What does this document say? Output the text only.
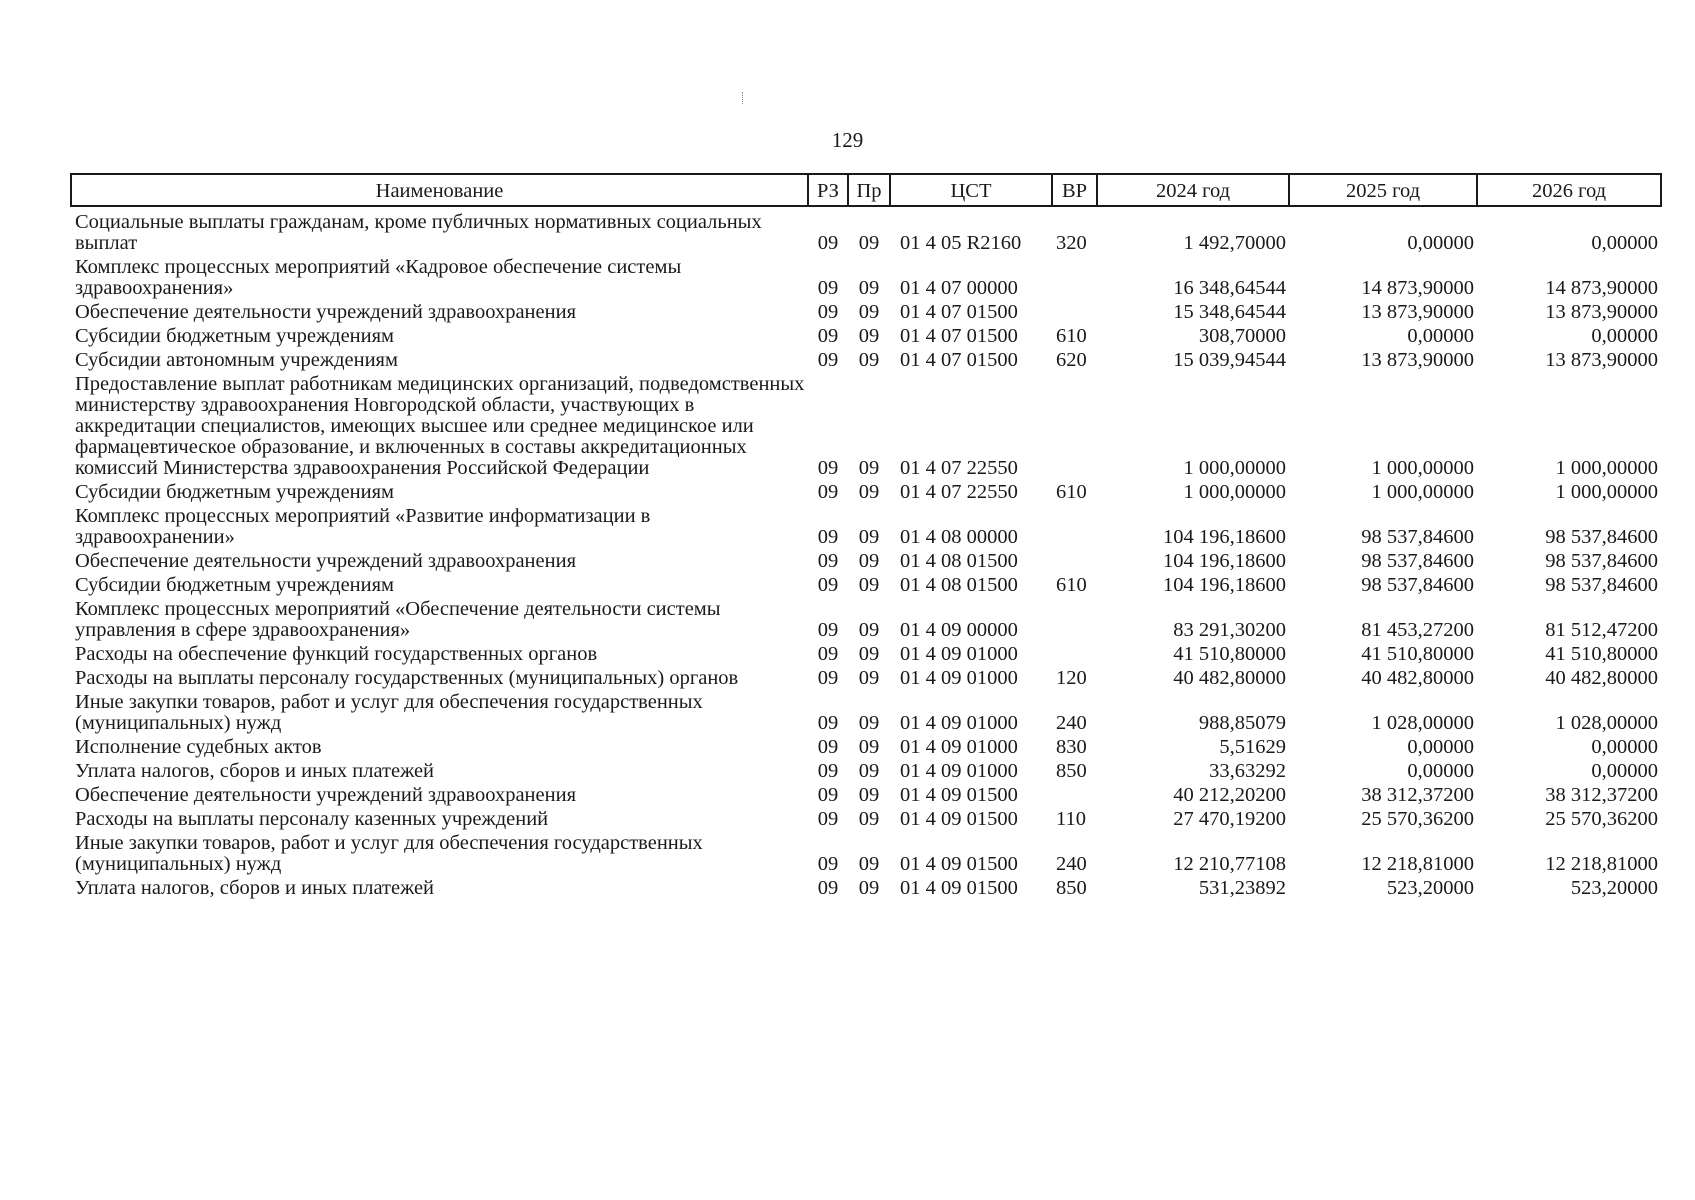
129
Наименование	РЗ	Пр	ЦСТ	ВР	2024 год	2025 год	2026 год
Социальные выплаты гражданам, кроме публичных нормативных социальных выплат	09	09	01 4 05 R2160	320	1 492,70000	0,00000	0,00000
Комплекс процессных мероприятий «Кадровое обеспечение системы здравоохранения»	09	09	01 4 07 00000		16 348,64544	14 873,90000	14 873,90000
Обеспечение деятельности учреждений здравоохранения	09	09	01 4 07 01500		15 348,64544	13 873,90000	13 873,90000
Субсидии бюджетным учреждениям	09	09	01 4 07 01500	610	308,70000	0,00000	0,00000
Субсидии автономным учреждениям	09	09	01 4 07 01500	620	15 039,94544	13 873,90000	13 873,90000
Предоставление выплат работникам медицинских организаций, подведомственных министерству здравоохранения Новгородской области, участвующих в аккредитации специалистов, имеющих высшее или среднее медицинское или фармацевтическое образование, и включенных в составы аккредитационных комиссий Министерства здравоохранения Российской Федерации	09	09	01 4 07 22550		1 000,00000	1 000,00000	1 000,00000
Субсидии бюджетным учреждениям	09	09	01 4 07 22550	610	1 000,00000	1 000,00000	1 000,00000
Комплекс процессных мероприятий «Развитие информатизации в здравоохранении»	09	09	01 4 08 00000		104 196,18600	98 537,84600	98 537,84600
Обеспечение деятельности учреждений здравоохранения	09	09	01 4 08 01500		104 196,18600	98 537,84600	98 537,84600
Субсидии бюджетным учреждениям	09	09	01 4 08 01500	610	104 196,18600	98 537,84600	98 537,84600
Комплекс процессных мероприятий «Обеспечение деятельности системы управления в сфере здравоохранения»	09	09	01 4 09 00000		83 291,30200	81 453,27200	81 512,47200
Расходы на обеспечение функций государственных органов	09	09	01 4 09 01000		41 510,80000	41 510,80000	41 510,80000
Расходы на выплаты персоналу государственных (муниципальных) органов	09	09	01 4 09 01000	120	40 482,80000	40 482,80000	40 482,80000
Иные закупки товаров, работ и услуг для обеспечения государственных (муниципальных) нужд	09	09	01 4 09 01000	240	988,85079	1 028,00000	1 028,00000
Исполнение судебных актов	09	09	01 4 09 01000	830	5,51629	0,00000	0,00000
Уплата налогов, сборов и иных платежей	09	09	01 4 09 01000	850	33,63292	0,00000	0,00000
Обеспечение деятельности учреждений здравоохранения	09	09	01 4 09 01500		40 212,20200	38 312,37200	38 312,37200
Расходы на выплаты персоналу казенных учреждений	09	09	01 4 09 01500	110	27 470,19200	25 570,36200	25 570,36200
Иные закупки товаров, работ и услуг для обеспечения государственных (муниципальных) нужд	09	09	01 4 09 01500	240	12 210,77108	12 218,81000	12 218,81000
Уплата налогов, сборов и иных платежей	09	09	01 4 09 01500	850	531,23892	523,20000	523,20000
